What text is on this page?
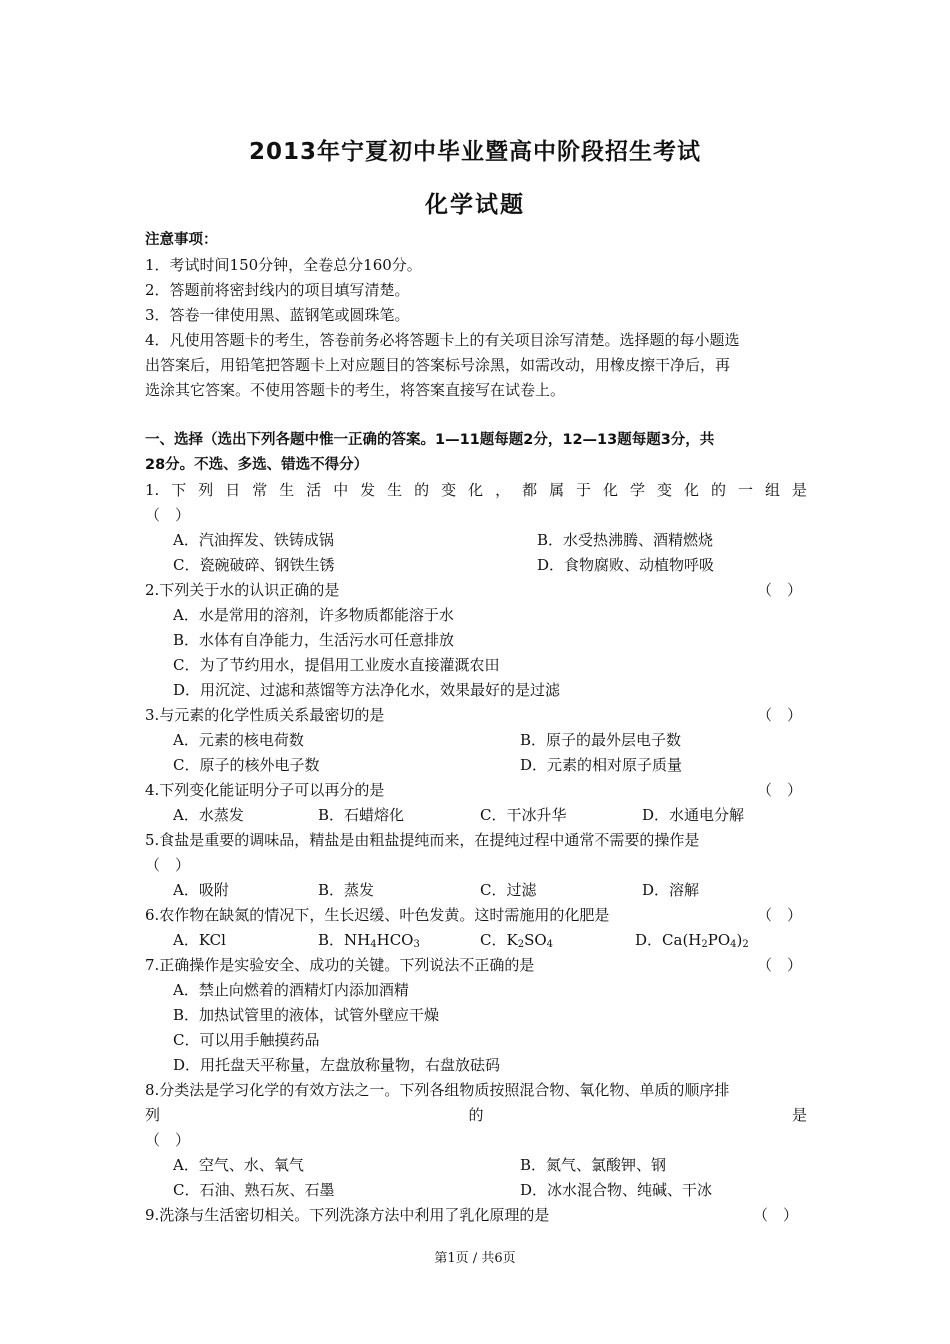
2013年宁夏初中毕业暨高中阶段招生考试
化学试题
注意事项：
1．考试时间150分钟，全卷总分160分。
2．答题前将密封线内的项目填写清楚。
3．答卷一律使用黑、蓝钢笔或圆珠笔。
4．凡使用答题卡的考生，答卷前务必将答题卡上的有关项目涂写清楚。选择题的每小题选
出答案后，用铅笔把答题卡上对应题目的答案标号涂黑，如需改动，用橡皮擦干净后，再
选涂其它答案。不使用答题卡的考生，将答案直接写在试卷上。
一、选择（选出下列各题中惟一正确的答案。1—11题每题2分，12—13题每题3分，共
28分。不选、多选、错选不得分）
1. 下 列 日 常 生 活 中 发 生 的 变 化 ， 都 属 于 化 学 变 化 的 一 组 是
（　）
A．汽油挥发、铁铸成锅	B．水受热沸腾、酒精燃烧
C．瓷碗破碎、钢铁生锈	D．食物腐败、动植物呼吸
2.下列关于水的认识正确的是	（　）
A．水是常用的溶剂，许多物质都能溶于水
B．水体有自净能力，生活污水可任意排放
C．为了节约用水，提倡用工业废水直接灌溉农田
D．用沉淀、过滤和蒸馏等方法净化水，效果最好的是过滤
3.与元素的化学性质关系最密切的是	（　）
A．元素的核电荷数	B．原子的最外层电子数
C．原子的核外电子数	D．元素的相对原子质量
4.下列变化能证明分子可以再分的是	（　）
A．水蒸发	B．石蜡熔化	C．干冰升华	D．水通电分解
5.食盐是重要的调味品，精盐是由粗盐提纯而来，在提纯过程中通常不需要的操作是
（　）
A．吸附	B．蒸发	C．过滤	D．溶解
6.农作物在缺氮的情况下，生长迟缓、叶色发黄。这时需施用的化肥是	（　）
A．KCl	B．$NH_4HCO_3$	C．$K_2SO_4$	D．$Ca(H_2PO_4)_2$
7.正确操作是实验安全、成功的关键。下列说法不正确的是	（　）
A．禁止向燃着的酒精灯内添加酒精
B．加热试管里的液体，试管外壁应干燥
C．可以用手触摸药品
D．用托盘天平称量，左盘放称量物，右盘放砝码
8.分类法是学习化学的有效方法之一。下列各组物质按照混合物、氧化物、单质的顺序排
列	的	是
（　）
A．空气、水、氧气	B．氮气、氯酸钾、钢
C．石油、熟石灰、石墨	D．冰水混合物、纯碱、干冰
9.洗涤与生活密切相关。下列洗涤方法中利用了乳化原理的是	（　）
第1页 / 共6页
